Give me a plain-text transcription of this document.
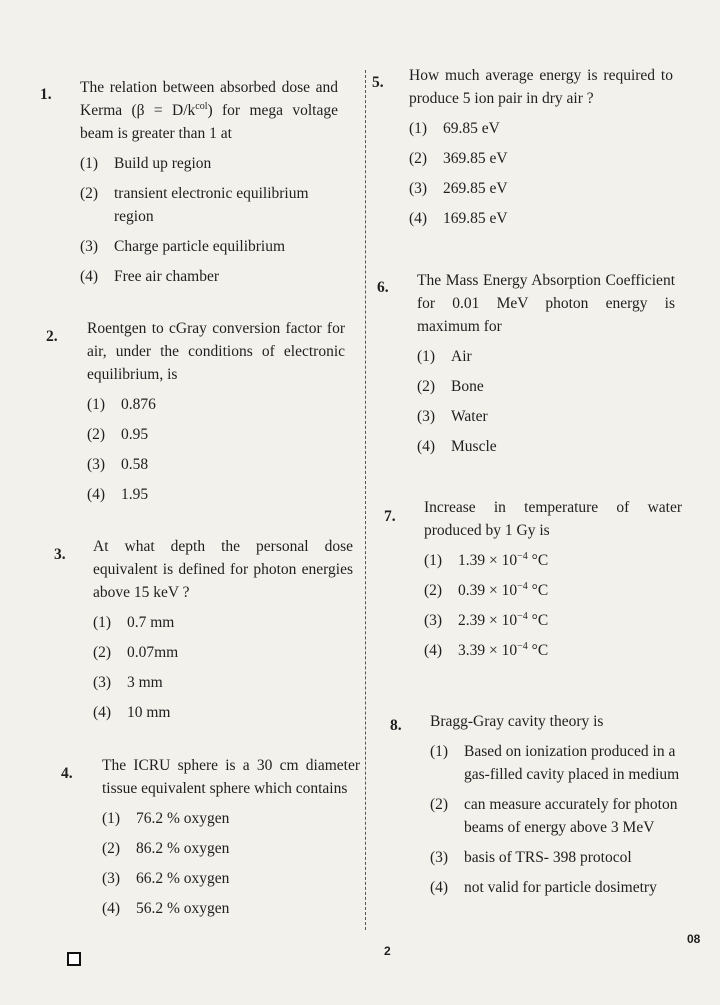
1. The relation between absorbed dose and Kerma $(\beta = D/k^{col})$ for mega voltage beam is greater than 1 at
(1) Build up region
(2) transient electronic equilibrium region
(3) Charge particle equilibrium
(4) Free air chamber
2. Roentgen to cGray conversion factor for air, under the conditions of electronic equilibrium, is
(1) 0.876
(2) 0.95
(3) 0.58
(4) 1.95
3. At what depth the personal dose equivalent is defined for photon energies above 15 keV ?
(1) 0.7 mm
(2) 0.07mm
(3) 3 mm
(4) 10 mm
4. The ICRU sphere is a 30 cm diameter tissue equivalent sphere which contains
(1) 76.2 % oxygen
(2) 86.2 % oxygen
(3) 66.2 % oxygen
(4) 56.2 % oxygen
5. How much average energy is required to produce 5 ion pair in dry air ?
(1) 69.85 eV
(2) 369.85 eV
(3) 269.85 eV
(4) 169.85 eV
6. The Mass Energy Absorption Coefficient for 0.01 MeV photon energy is maximum for
(1) Air
(2) Bone
(3) Water
(4) Muscle
7.
Increase in temperature of water produced by 1 Gy is
(1) $1.39 \times 10^{-4}$ °C
(2) $0.39 \times 10^{-4}$ °C
(3) $2.39 \times 10^{-4}$ °C
(4) $3.39 \times 10^{-4}$ °C
8. Bragg-Gray cavity theory is
(1) Based on ionization produced in a gas-filled cavity placed in medium
(2) can measure accurately for photon beams of energy above 3 MeV
(3) basis of TRS- 398 protocol
(4) not valid for particle dosimetry
2
08
